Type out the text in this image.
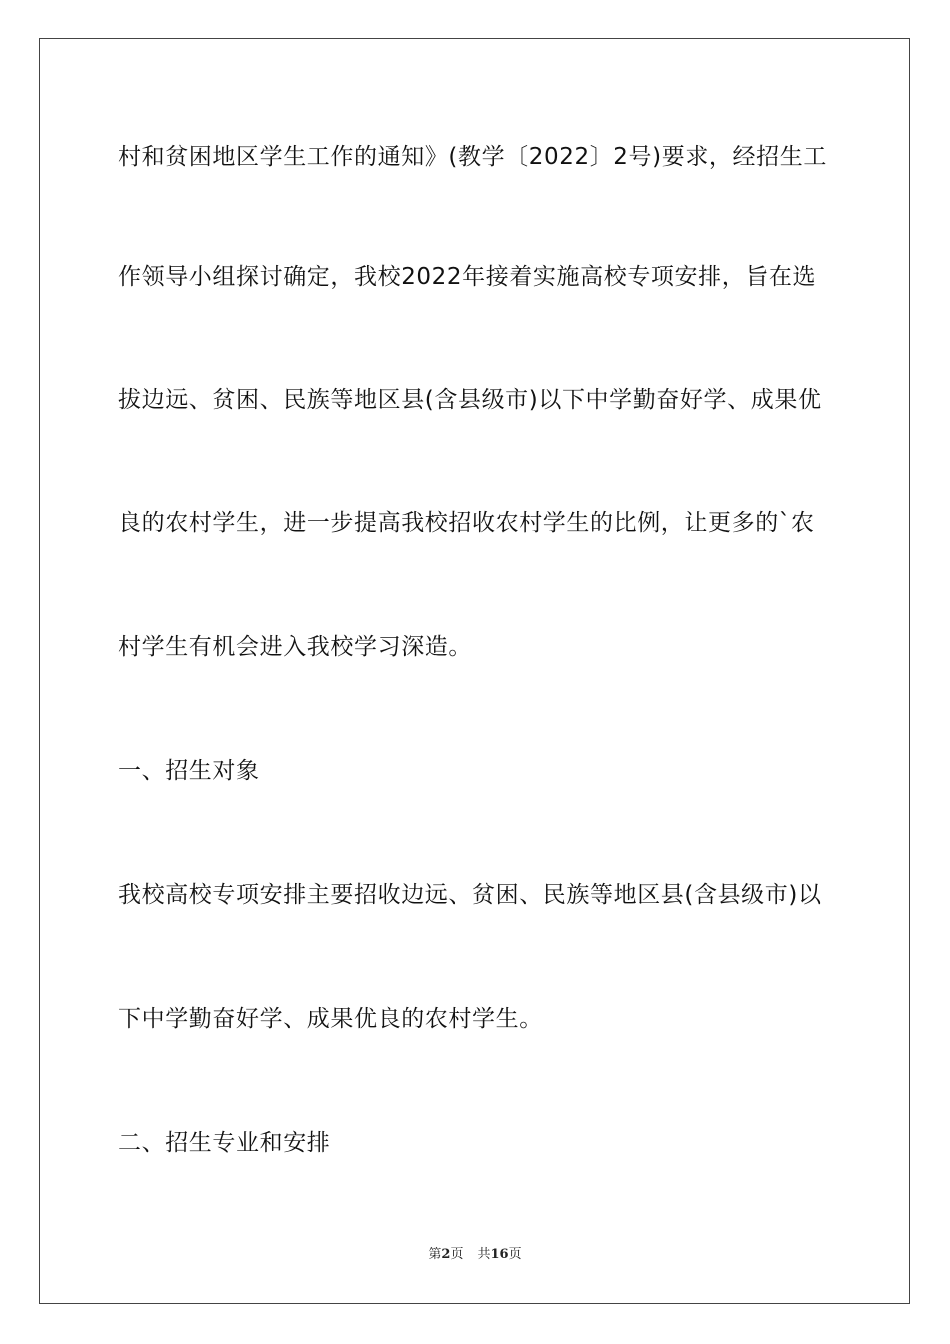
村和贫困地区学生工作的通知》(教学〔2022〕2号)要求，经招生工
作领导小组探讨确定，我校2022年接着实施高校专项安排，旨在选
拔边远、贫困、民族等地区县(含县级市)以下中学勤奋好学、成果优
良的农村学生，进一步提高我校招收农村学生的比例，让更多的`农
村学生有机会进入我校学习深造。
一、招生对象
我校高校专项安排主要招收边远、贫困、民族等地区县(含县级市)以
下中学勤奋好学、成果优良的农村学生。
二、招生专业和安排
第2页 共16页
